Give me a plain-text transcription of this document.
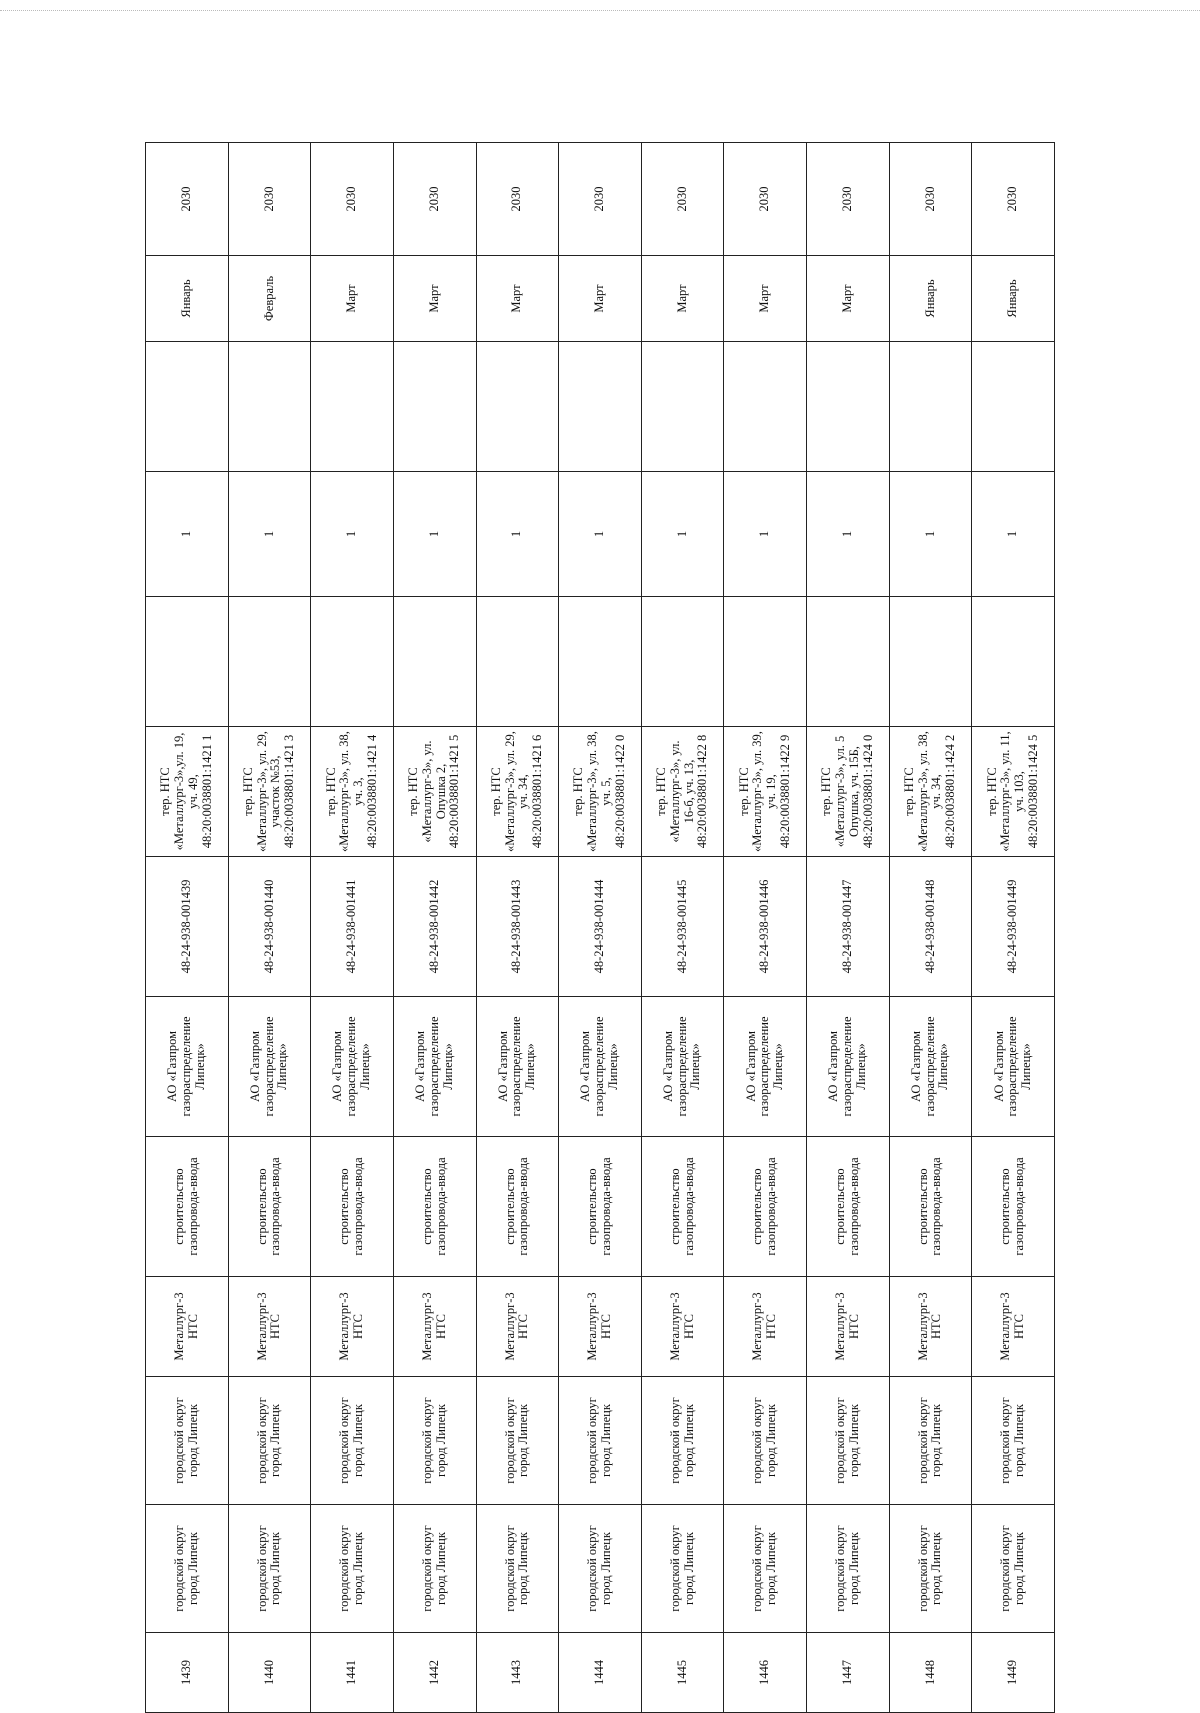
1439	городской округ город Липецк	городской округ город Липецк	Металлург-3 НТС	строительство газопровода-ввода	АО «Газпром газораспределение Липецк»	48-24-938-001439	тер. НТС «Металлург-3»,ул. 19, уч. 49, 48:20:0038801:1421 1		1		Январь	2030
1440	городской округ город Липецк	городской округ город Липецк	Металлург-3 НТС	строительство газопровода-ввода	АО «Газпром газораспределение Липецк»	48-24-938-001440	тер. НТС «Металлург-3», ул. 29, участок №53, 48:20:0038801:1421 3		1		Февраль	2030
1441	городской округ город Липецк	городской округ город Липецк	Металлург-3 НТС	строительство газопровода-ввода	АО «Газпром газораспределение Липецк»	48-24-938-001441	тер. НТС «Металлург-3», ул. 38, уч. 3, 48:20:0038801:1421 4		1		Март	2030
1442	городской округ город Липецк	городской округ город Липецк	Металлург-3 НТС	строительство газопровода-ввода	АО «Газпром газораспределение Липецк»	48-24-938-001442	тер. НТС «Металлург-3», ул. Опушка 2, 48:20:0038801:1421 5		1		Март	2030
1443	городской округ город Липецк	городской округ город Липецк	Металлург-3 НТС	строительство газопровода-ввода	АО «Газпром газораспределение Липецк»	48-24-938-001443	тер. НТС «Металлург-3», ул. 29, уч. 34, 48:20:0038801:1421 6		1		Март	2030
1444	городской округ город Липецк	городской округ город Липецк	Металлург-3 НТС	строительство газопровода-ввода	АО «Газпром газораспределение Липецк»	48-24-938-001444	тер. НТС «Металлург-3», ул. 38, уч. 5, 48:20:0038801:1422 0		1		Март	2030
1445	городской округ город Липецк	городской округ город Липецк	Металлург-3 НТС	строительство газопровода-ввода	АО «Газпром газораспределение Липецк»	48-24-938-001445	тер. НТС «Металлург-3», ул. 16-б, уч. 13, 48:20:0038801:1422 8		1		Март	2030
1446	городской округ город Липецк	городской округ город Липецк	Металлург-3 НТС	строительство газопровода-ввода	АО «Газпром газораспределение Липецк»	48-24-938-001446	тер. НТС «Металлург-3», ул. 39, уч. 19, 48:20:0038801:1422 9		1		Март	2030
1447	городской округ город Липецк	городской округ город Липецк	Металлург-3 НТС	строительство газопровода-ввода	АО «Газпром газораспределение Липецк»	48-24-938-001447	тер. НТС «Металлург-3», ул. 5 Опушка, уч. 15Б, 48:20:0038801:1424 0		1		Март	2030
1448	городской округ город Липецк	городской округ город Липецк	Металлург-3 НТС	строительство газопровода-ввода	АО «Газпром газораспределение Липецк»	48-24-938-001448	тер. НТС «Металлург-3», ул. 38, уч. 34, 48:20:0038801:1424 2		1		Январь	2030
1449	городской округ город Липецк	городской округ город Липецк	Металлург-3 НТС	строительство газопровода-ввода	АО «Газпром газораспределение Липецк»	48-24-938-001449	тер. НТС «Металлург-3», ул. 11, уч. 103, 48:20:0038801:1424 5		1		Январь	2030
